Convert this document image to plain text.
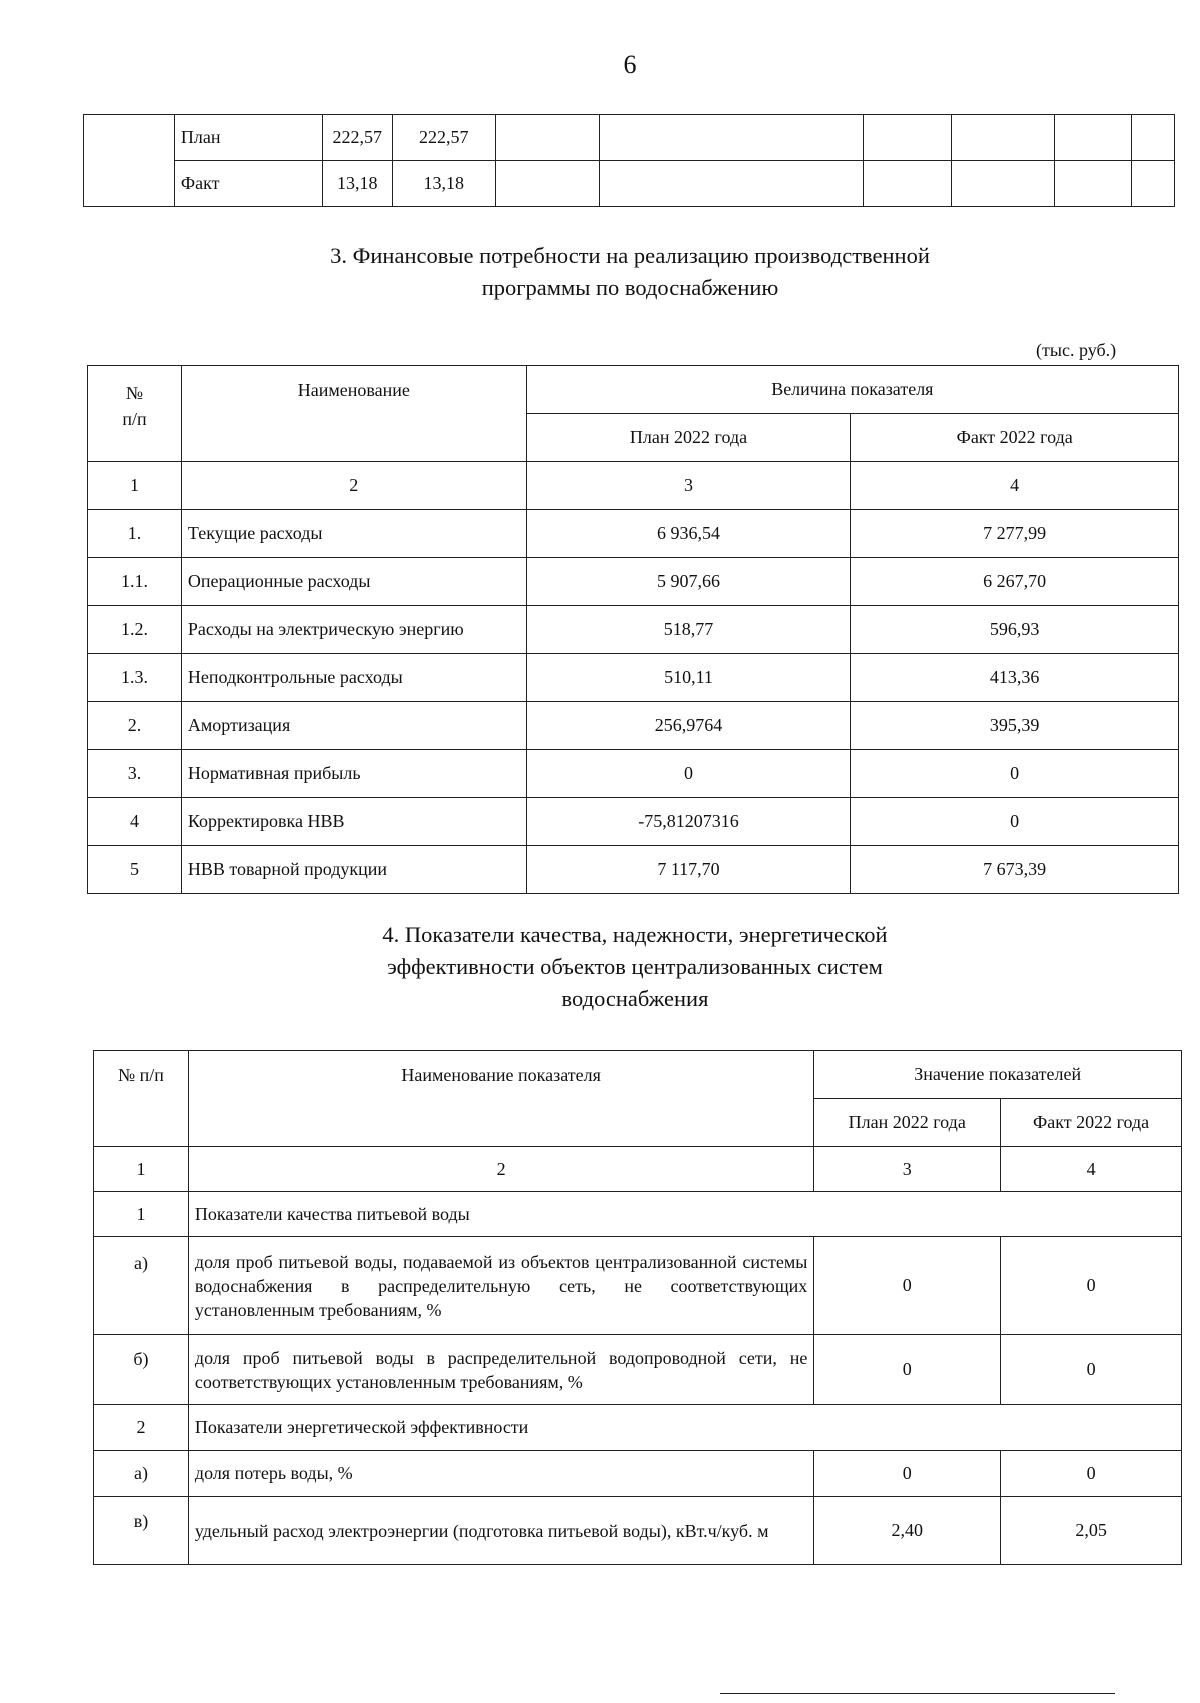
6
	План	222,57	222,57						
	Факт	13,18	13,18						
3. Финансовые потребности на реализацию производственной
программы по водоснабжению
(тыс. руб.)
№
п/п	Наименование	Величина показателя	
		План 2022 года	Факт 2022 года
1	2	3	4
1.	Текущие расходы	6 936,54	7 277,99
1.1.	Операционные расходы	5 907,66	6 267,70
1.2.	Расходы на электрическую энергию	518,77	596,93
1.3.	Неподконтрольные расходы	510,11	413,36
2.	Амортизация	256,9764	395,39
3.	Нормативная прибыль	0	0
4	Корректировка НВВ	-75,81207316	0
5	НВВ товарной продукции	7 117,70	7 673,39
4. Показатели качества, надежности, энергетической
эффективности объектов централизованных систем
водоснабжения
№ п/п	Наименование показателя	Значение показателей	
		План 2022 года	Факт 2022 года
1	2	3	4
1	Показатели качества питьевой воды		
а)	доля проб питьевой воды, подаваемой из объектов централизованной системы водоснабжения в распределительную сеть, не соответствующих установленным требованиям, %	0	0
б)	доля проб питьевой воды в распределительной водопроводной сети, не соответствующих установленным требованиям, %	0	0
2	Показатели энергетической эффективности		
а)	доля потерь воды, %	0	0
в)	удельный расход электроэнергии (подготовка питьевой воды), кВт.ч/куб. м	2,40	2,05
